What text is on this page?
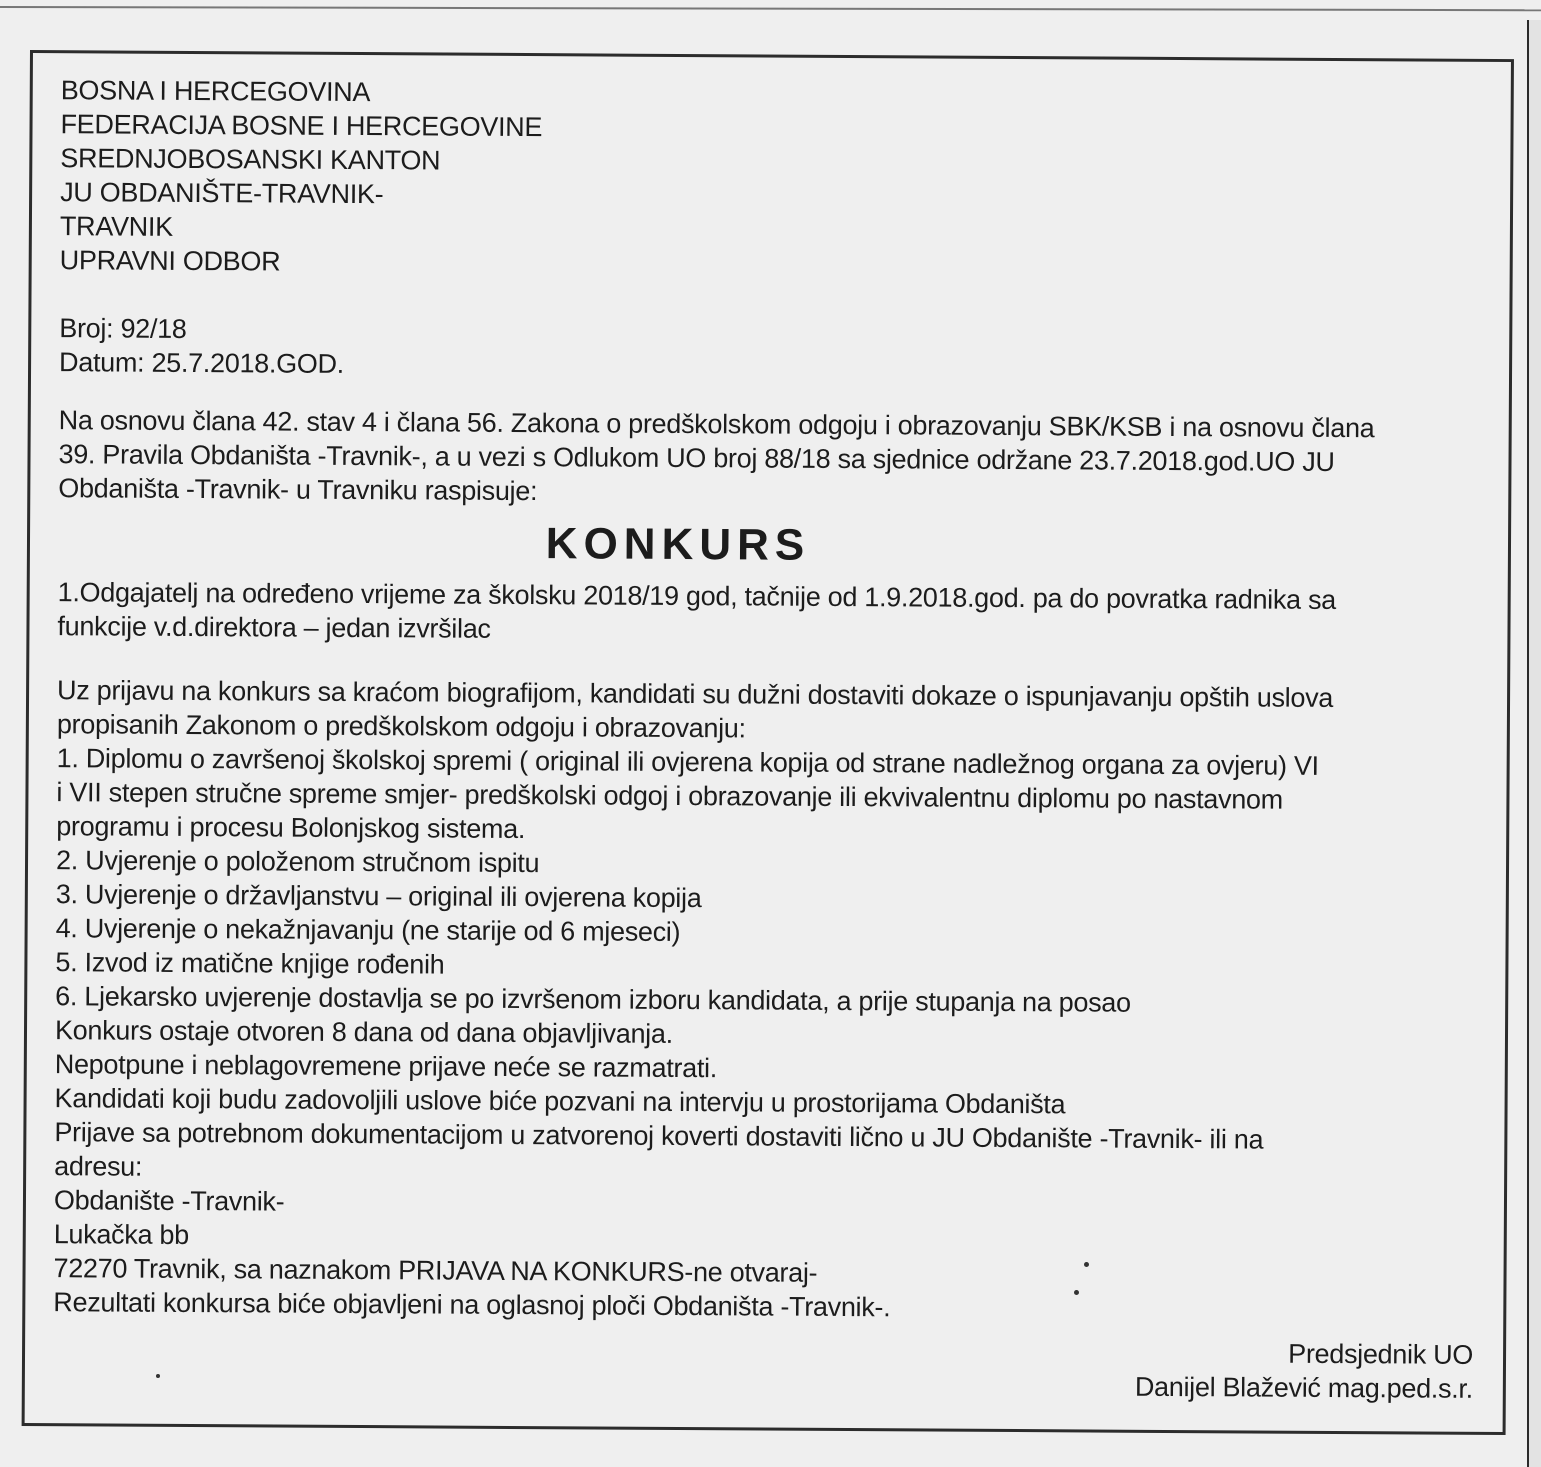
BOSNA I HERCEGOVINA
FEDERACIJA BOSNE I HERCEGOVINE
SREDNJOBOSANSKI KANTON
JU OBDANIŠTE-TRAVNIK-
TRAVNIK
UPRAVNI ODBOR
Broj: 92/18
Datum: 25.7.2018.GOD.
Na osnovu člana 42. stav 4 i člana 56. Zakona o predškolskom odgoju i obrazovanju SBK/KSB i na osnovu člana
39. Pravila Obdaništa -Travnik-, a u vezi s Odlukom UO broj 88/18 sa sjednice održane 23.7.2018.god.UO JU
Obdaništa -Travnik- u Travniku raspisuje:
KONKURS
1.Odgajatelj na određeno vrijeme za školsku 2018/19 god, tačnije od 1.9.2018.god. pa do povratka radnika sa
funkcije v.d.direktora – jedan izvršilac
Uz prijavu na konkurs sa kraćom biografijom, kandidati su dužni dostaviti dokaze o ispunjavanju opštih uslova
propisanih Zakonom o predškolskom odgoju i obrazovanju:
1. Diplomu o završenoj školskoj spremi ( original ili ovjerena kopija od strane nadležnog organa za ovjeru) VI
i VII stepen stručne spreme smjer- predškolski odgoj i obrazovanje ili ekvivalentnu diplomu po nastavnom
programu i procesu Bolonjskog sistema.
2. Uvjerenje o položenom stručnom ispitu
3. Uvjerenje o državljanstvu – original ili ovjerena kopija
4. Uvjerenje o nekažnjavanju (ne starije od 6 mjeseci)
5. Izvod iz matične knjige rođenih
6. Ljekarsko uvjerenje dostavlja se po izvršenom izboru kandidata, a prije stupanja na posao
Konkurs ostaje otvoren 8 dana od dana objavljivanja.
Nepotpune i neblagovremene prijave neće se razmatrati.
Kandidati koji budu zadovoljili uslove biće pozvani na intervju u prostorijama Obdaništa
Prijave sa potrebnom dokumentacijom u zatvorenoj koverti dostaviti lično u JU Obdanište -Travnik- ili na
adresu:
Obdanište -Travnik-
Lukačka bb
72270 Travnik, sa naznakom PRIJAVA NA KONKURS-ne otvaraj-
Rezultati konkursa biće objavljeni na oglasnoj ploči Obdaništa -Travnik-.
Predsjednik UO
Danijel Blažević mag.ped.s.r.
